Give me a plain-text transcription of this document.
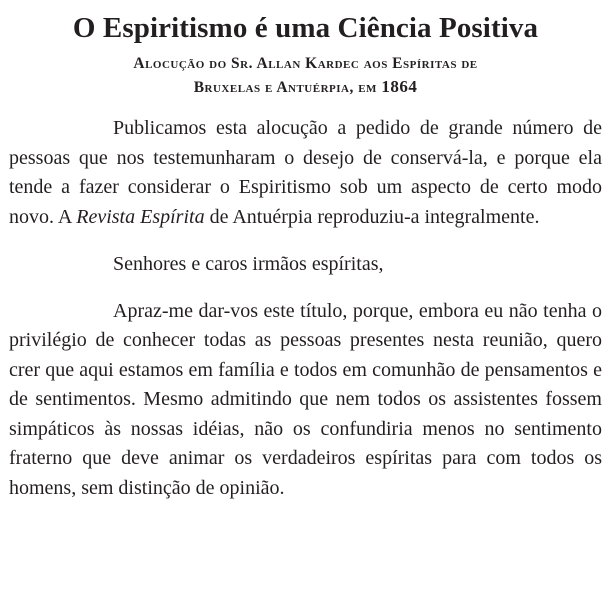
O Espiritismo é uma Ciência Positiva
Alocução do Sr. Allan Kardec aos Espíritas de
Bruxelas e Antuérpia, em 1864

Publicamos esta alocução a pedido de grande número de pessoas que nos testemunharam o desejo de conservá-la, e porque ela tende a fazer considerar o Espiritismo sob um aspecto de certo modo novo. A Revista Espírita de Antuérpia reproduziu-a integralmente.

Senhores e caros irmãos espíritas,

Apraz-me dar-vos este título, porque, embora eu não tenha o privilégio de conhecer todas as pessoas presentes nesta reunião, quero crer que aqui estamos em família e todos em comunhão de pensamentos e de sentimentos. Mesmo admitindo que nem todos os assistentes fossem simpáticos às nossas idéias, não os confundiria menos no sentimento fraterno que deve animar os verdadeiros espíritas para com todos os homens, sem distinção de opinião.
